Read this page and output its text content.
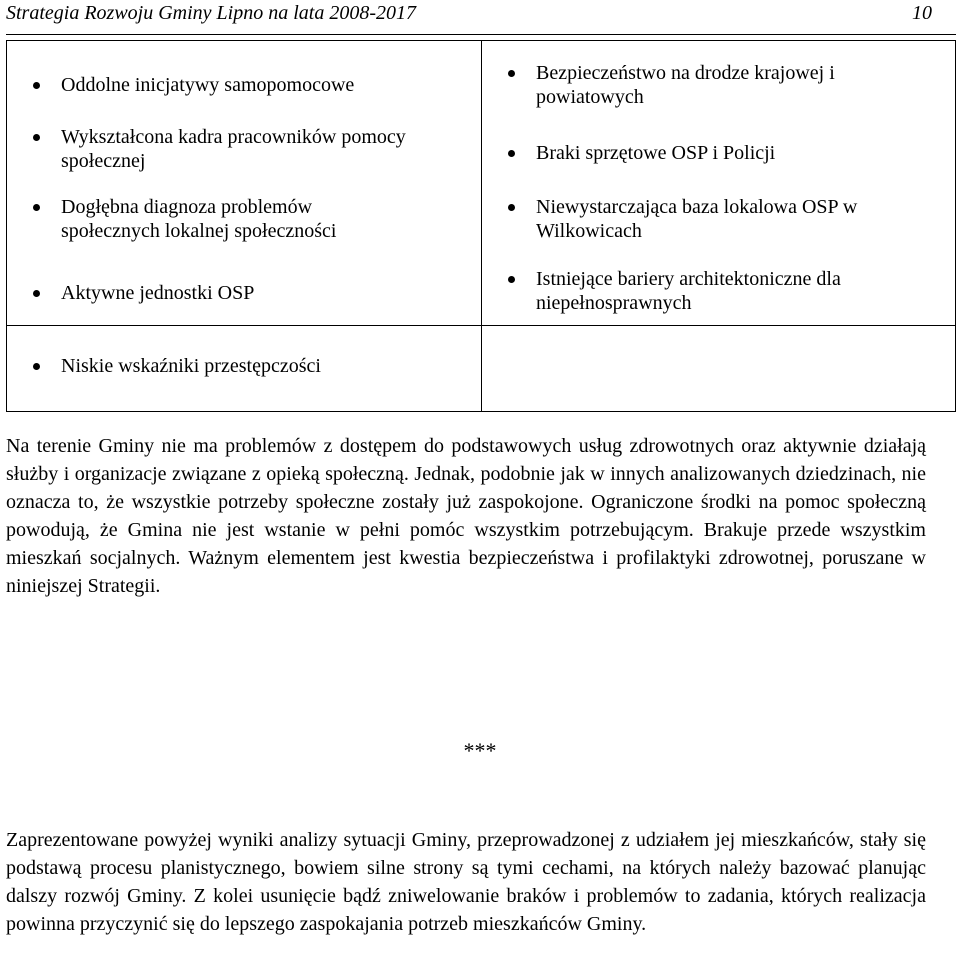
Strategia Rozwoju Gminy Lipno na lata 2008-2017	10
Oddolne inicjatywy samopomocowe
Wykształcona kadra pracowników pomocy społecznej
Dogłębna diagnoza problemów społecznych lokalnej społeczności
Aktywne jednostki OSP
Bezpieczeństwo na drodze krajowej i powiatowych
Braki sprzętowe OSP i Policji
Niewystarczająca baza lokalowa OSP w Wilkowicach
Istniejące bariery architektoniczne dla niepełnosprawnych
Niskie wskaźniki przestępczości

Na terenie Gminy nie ma problemów z dostępem do podstawowych usług zdrowotnych oraz aktywnie działają służby i organizacje związane z opieką społeczną. Jednak, podobnie jak w innych analizowanych dziedzinach, nie oznacza to, że wszystkie potrzeby społeczne zostały już zaspokojone. Ograniczone środki na pomoc społeczną powodują, że Gmina nie jest wstanie w pełni pomóc wszystkim potrzebującym. Brakuje przede wszystkim mieszkań socjalnych. Ważnym elementem jest kwestia bezpieczeństwa i profilaktyki zdrowotnej, poruszane w niniejszej Strategii.

***

Zaprezentowane powyżej wyniki analizy sytuacji Gminy, przeprowadzonej z udziałem jej mieszkańców, stały się podstawą procesu planistycznego, bowiem silne strony są tymi cechami, na których należy bazować planując dalszy rozwój Gminy. Z kolei usunięcie bądź zniwelowanie braków i problemów to zadania, których realizacja powinna przyczynić się do lepszego zaspokajania potrzeb mieszkańców Gminy.
